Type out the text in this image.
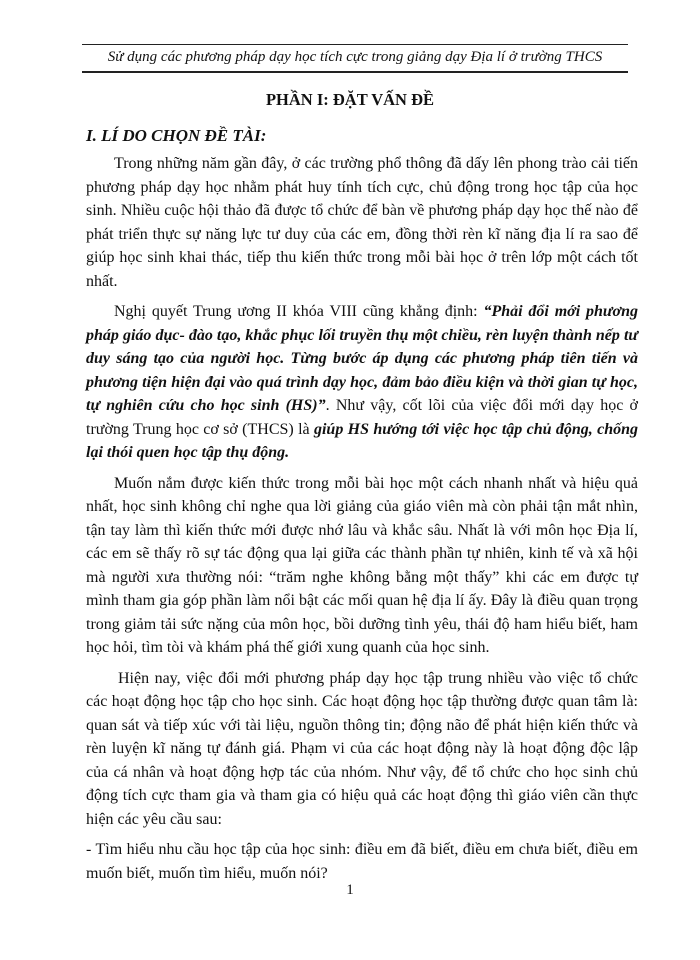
Sử dụng các phương pháp dạy học tích cực trong giảng dạy Địa lí ở trường THCS
PHẦN I: ĐẶT VẤN ĐỀ
I. LÍ DO CHỌN ĐỀ TÀI:

Trong những năm gần đây, ở các trường phổ thông đã dấy lên phong trào cải tiến phương pháp dạy học nhằm phát huy tính tích cực, chủ động trong học tập của học sinh. Nhiều cuộc hội thảo đã được tổ chức để bàn về phương pháp dạy học thế nào để phát triển thực sự năng lực tư duy của các em, đồng thời rèn kĩ năng địa lí ra sao để giúp học sinh khai thác, tiếp thu kiến thức trong mỗi bài học ở trên lớp một cách tốt nhất.

Nghị quyết Trung ương II khóa VIII cũng khẳng định: “Phải đổi mới phương pháp giáo dục- đào tạo, khắc phục lối truyền thụ một chiều, rèn luyện thành nếp tư duy sáng tạo của người học. Từng bước áp dụng các phương pháp tiên tiến và phương tiện hiện đại vào quá trình dạy học, đảm bảo điều kiện và thời gian tự học, tự nghiên cứu cho học sinh (HS)”. Như vậy, cốt lõi của việc đổi mới dạy học ở trường Trung học cơ sở (THCS) là giúp HS hướng tới việc học tập chủ động, chống lại thói quen học tập thụ động.

Muốn nắm được kiến thức trong mỗi bài học một cách nhanh nhất và hiệu quả nhất, học sinh không chỉ nghe qua lời giảng của giáo viên mà còn phải tận mắt nhìn, tận tay làm thì kiến thức mới được nhớ lâu và khắc sâu. Nhất là với môn học Địa lí, các em sẽ thấy rõ sự tác động qua lại giữa các thành phần tự nhiên, kinh tế và xã hội mà người xưa thường nói: “trăm nghe không bằng một thấy” khi các em được tự mình tham gia góp phần làm nổi bật các mối quan hệ địa lí ấy. Đây là điều quan trọng trong giảm tải sức nặng của môn học, bồi dưỡng tình yêu, thái độ ham hiểu biết, ham học hỏi, tìm tòi và khám phá thế giới xung quanh của học sinh.

Hiện nay, việc đổi mới phương pháp dạy học tập trung nhiều vào việc tổ chức các hoạt động học tập cho học sinh. Các hoạt động học tập thường được quan tâm là: quan sát và tiếp xúc với tài liệu, nguồn thông tin; động não để phát hiện kiến thức và rèn luyện kĩ năng tự đánh giá. Phạm vi của các hoạt động này là hoạt động độc lập của cá nhân và hoạt động hợp tác của nhóm. Như vậy, để tổ chức cho học sinh chủ động tích cực tham gia và tham gia có hiệu quả các hoạt động thì giáo viên cần thực hiện các yêu cầu sau:

- Tìm hiểu nhu cầu học tập của học sinh: điều em đã biết, điều em chưa biết, điều em muốn biết, muốn tìm hiểu, muốn nói?

1
